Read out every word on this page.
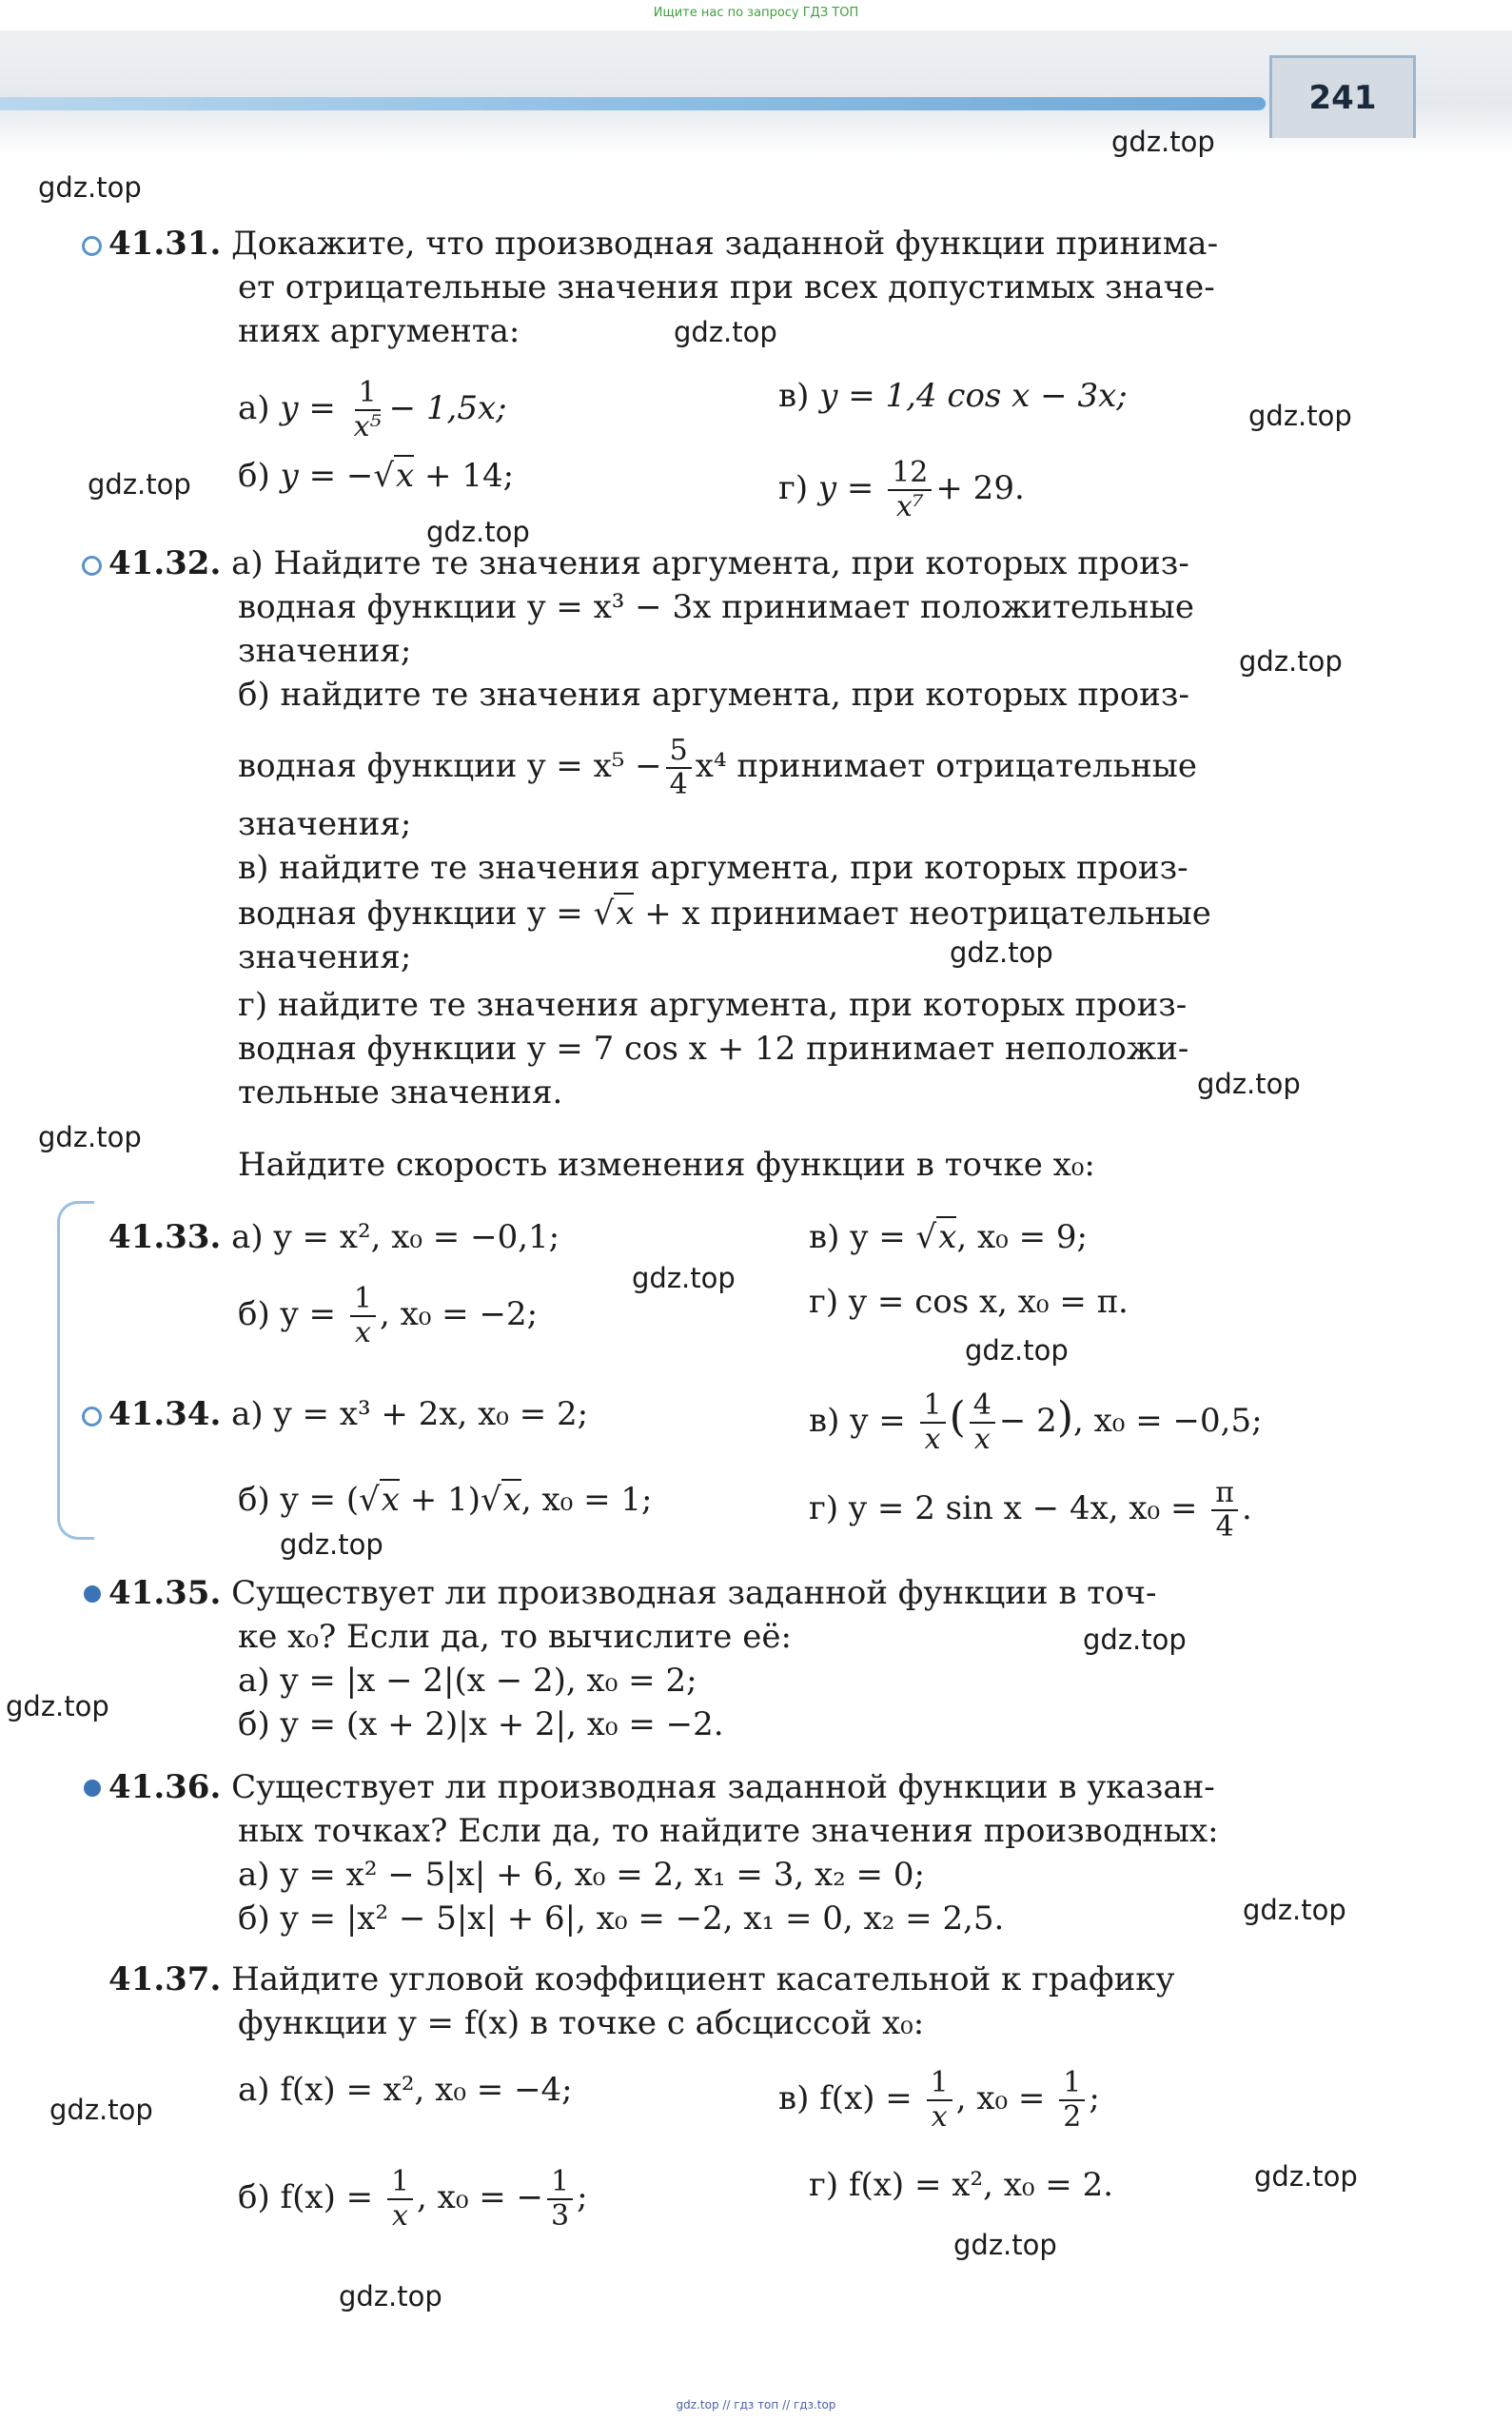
Ищите нас по запросу ГДЗ ТОП
241
gdz.top
gdz.top
gdz.top
gdz.top
gdz.top
gdz.top
gdz.top
gdz.top
gdz.top
gdz.top
gdz.top
gdz.top
gdz.top
gdz.top
gdz.top
gdz.top
gdz.top
gdz.top
gdz.top
gdz.top
41.31. Докажите, что производная заданной функции принима-
ет отрицательные значения при всех допустимых значе-
ниях аргумента:
а) $y = \frac{1}{\text{x⁵}} - 1,5x$;	в) y = 1,4 cos x − 3x;
б) y = −√x + 14;	г) $y = \frac{12}{\text{x⁷}} + 29$.
41.32. а) Найдите те значения аргумента, при которых произ-
водная функции y = x³ − 3x принимает положительные
значения;
б) найдите те значения аргумента, при которых произ-
водная функции $y = x^5 - \frac{5}{4} x^4$ принимает отрицательные
значения;
в) найдите те значения аргумента, при которых произ-
водная функции y = √x + x принимает неотрицательные
значения;
г) найдите те значения аргумента, при которых произ-
водная функции y = 7 cos x + 12 принимает неположи-
тельные значения.
Найдите скорость изменения функции в точке x₀:
41.33. а) y = x², x₀ = −0,1;	в) y = √x, x₀ = 9;
б) $y = \frac{1}{x}$ , x₀ = −2;	г) y = cos x, x₀ = π.
41.34. а) y = x³ + 2x, x₀ = 2;	в) $y = \frac{1}{x}$ ( $\frac{4}{x} - 2$), x₀ = −0,5;
б) y = (√x + 1)√x, x₀ = 1;	г) y = 2 sin x − 4x, $x_0 = \frac{\pi}{4}$ .
41.35. Существует ли производная заданной функции в точ-
ке x₀? Если да, то вычислите её:
а) y = |x − 2|(x − 2), x₀ = 2;
б) y = (x + 2)|x + 2|, x₀ = −2.
41.36. Существует ли производная заданной функции в указан-
ных точках? Если да, то найдите значения производных:
а) y = x² − 5|x| + 6, x₀ = 2, x₁ = 3, x₂ = 0;
б) y = |x² − 5|x| + 6|, x₀ = −2, x₁ = 0, x₂ = 2,5.
41.37. Найдите угловой коэффициент касательной к графику
функции y = f(x) в точке с абсциссой x₀:
а) f(x) = x², x₀ = −4;	в) $f(x) = \frac{1}{x}$ , $x_0 = \frac{1}{2}$ ;
б) $f(x) = \frac{1}{x}$ , x₀ = − $\frac{1}{3}$ ;	г) f(x) = x², x₀ = 2.
gdz.top // гдз топ // гдз.top
